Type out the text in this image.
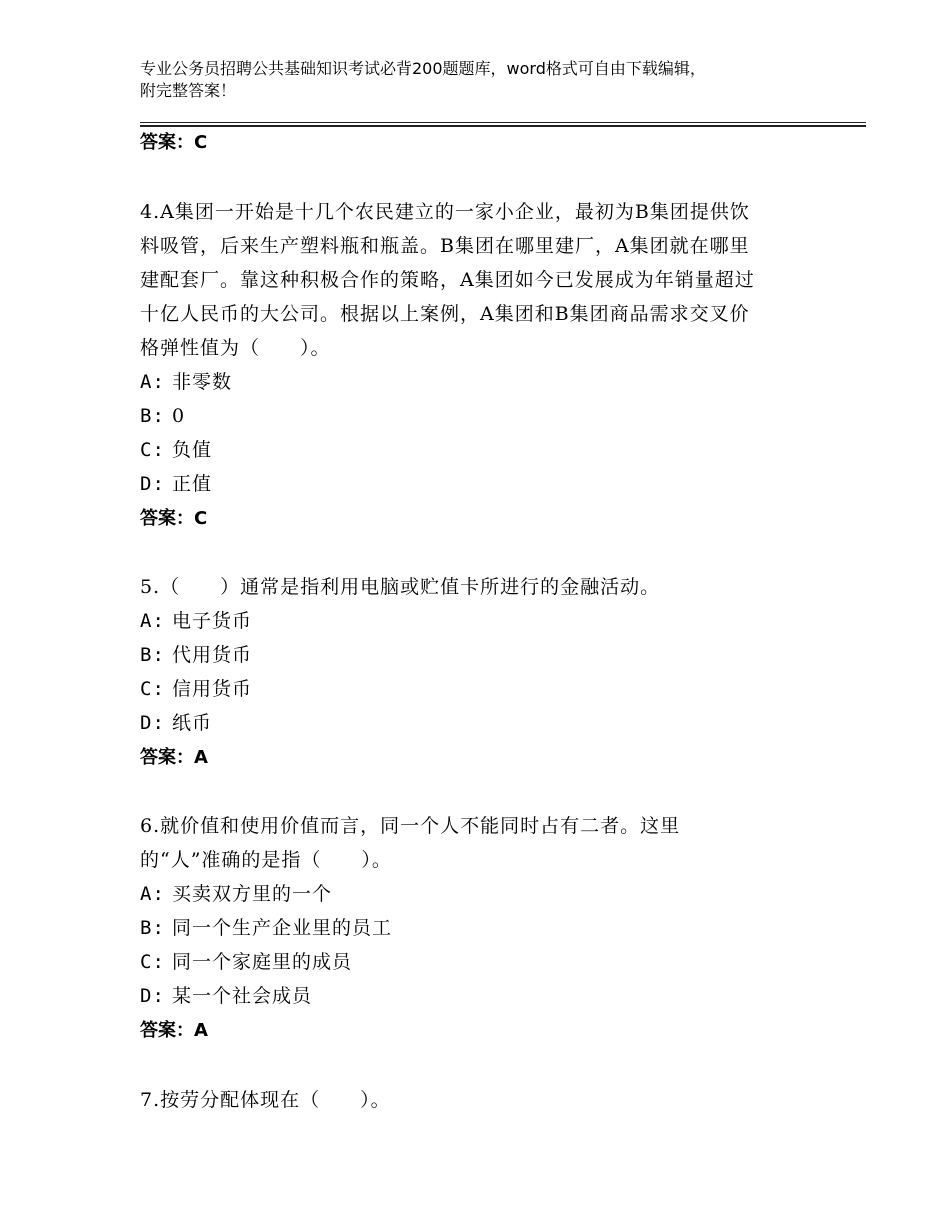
专业公务员招聘公共基础知识考试必背200题题库，word格式可自由下载编辑，
附完整答案！
答案：C
4.A集团一开始是十几个农民建立的一家小企业，最初为B集团提供饮
料吸管，后来生产塑料瓶和瓶盖。B集团在哪里建厂，A集团就在哪里
建配套厂。靠这种积极合作的策略，A集团如今已发展成为年销量超过
十亿人民币的大公司。根据以上案例，A集团和B集团商品需求交叉价
格弹性值为（　　）。
A: 非零数
B: 0
C: 负值
D: 正值
答案：C
5.（　　）通常是指利用电脑或贮值卡所进行的金融活动。
A: 电子货币
B: 代用货币
C: 信用货币
D: 纸币
答案：A
6.就价值和使用价值而言，同一个人不能同时占有二者。这里
的“人”准确的是指（　　）。
A: 买卖双方里的一个
B: 同一个生产企业里的员工
C: 同一个家庭里的成员
D: 某一个社会成员
答案：A
7.按劳分配体现在（　　）。
